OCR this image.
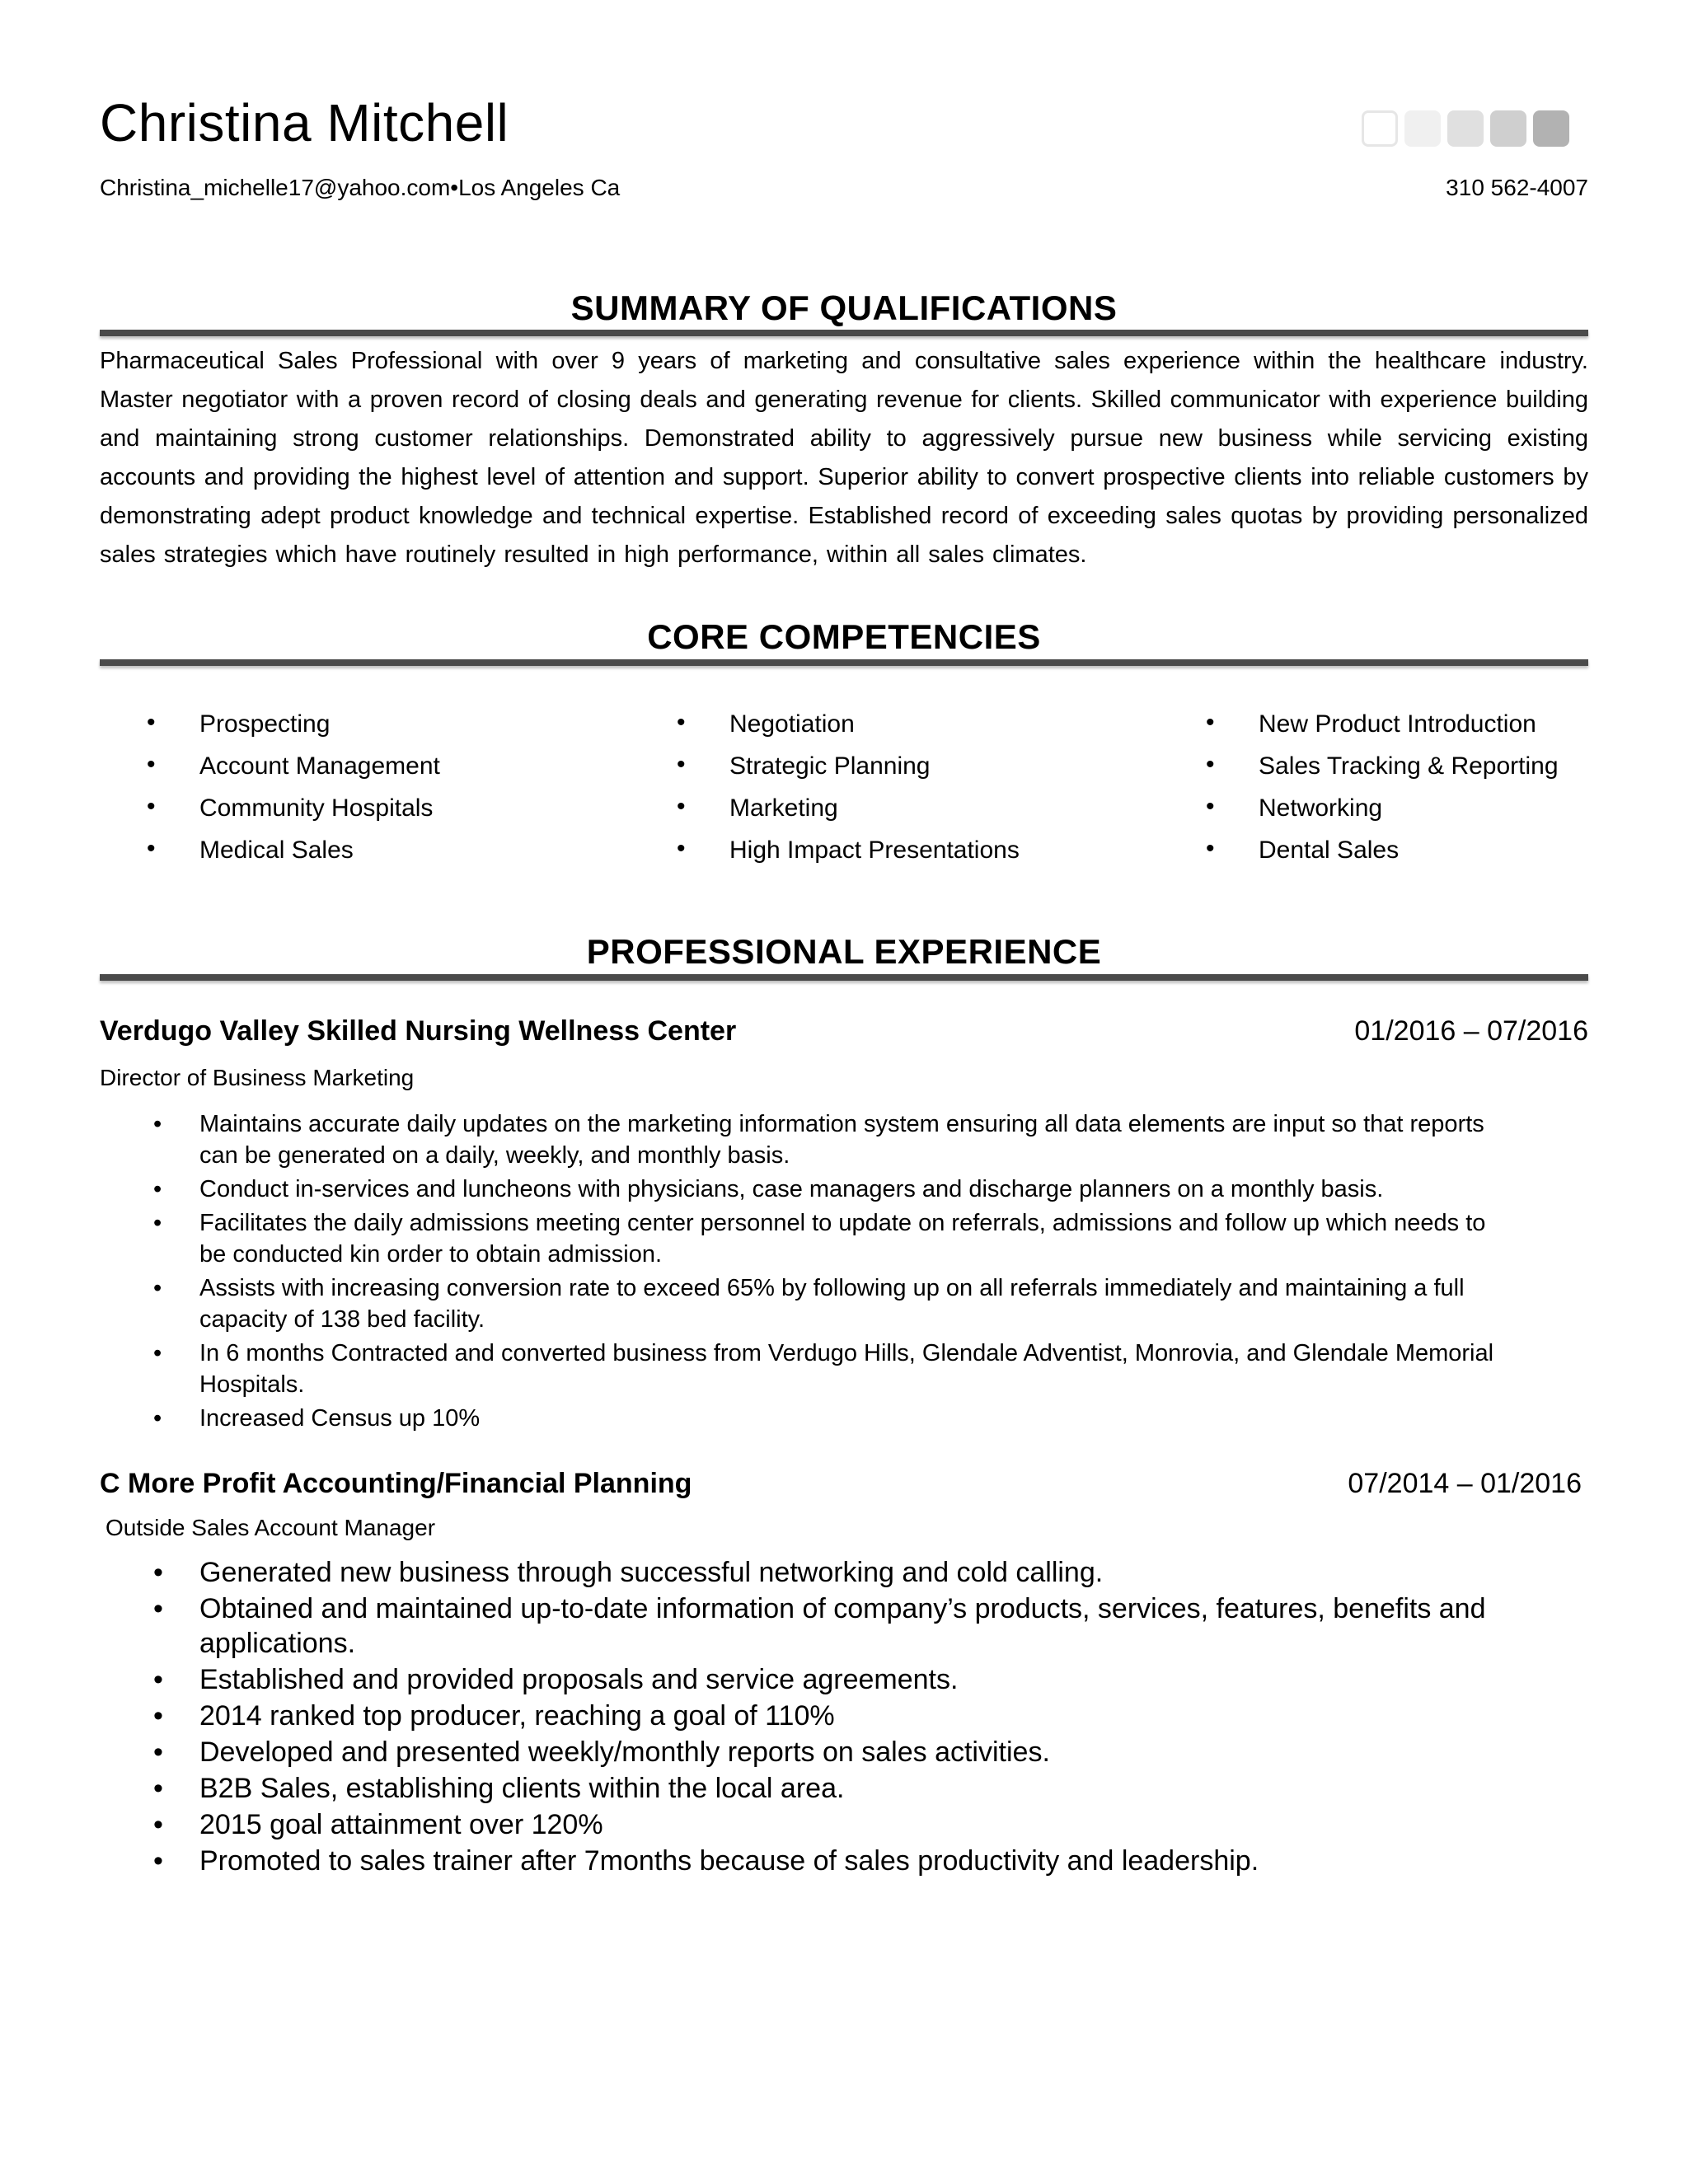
Christina Mitchell
Christina_michelle17@yahoo.com•Los Angeles Ca	310 562-4007
SUMMARY OF QUALIFICATIONS

Pharmaceutical Sales Professional with over 9 years of marketing and consultative sales experience within the healthcare industry. Master negotiator with a proven record of closing deals and generating revenue for clients. Skilled communicator with experience building and maintaining strong customer relationships. Demonstrated ability to aggressively pursue new business while servicing existing accounts and providing the highest level of attention and support. Superior ability to convert prospective clients into reliable customers by demonstrating adept product knowledge and technical expertise. Established record of exceeding sales quotas by providing personalized sales strategies which have routinely resulted in high performance, within all sales climates.

CORE COMPETENCIES
• Prospecting
• Account Management
• Community Hospitals
• Medical Sales
• Negotiation
• Strategic Planning
• Marketing
• High Impact Presentations
• New Product Introduction
• Sales Tracking & Reporting
• Networking
• Dental Sales
PROFESSIONAL EXPERIENCE
Verdugo Valley Skilled Nursing Wellness Center	01/2016 – 07/2016
Director of Business Marketing
• Maintains accurate daily updates on the marketing information system ensuring all data elements are input so that reports can be generated on a daily, weekly, and monthly basis.
• Conduct in-services and luncheons with physicians, case managers and discharge planners on a monthly basis.
• Facilitates the daily admissions meeting center personnel to update on referrals, admissions and follow up which needs to be conducted kin order to obtain admission.
• Assists with increasing conversion rate to exceed 65% by following up on all referrals immediately and maintaining a full capacity of 138 bed facility.
• In 6 months Contracted and converted business from Verdugo Hills, Glendale Adventist, Monrovia, and Glendale Memorial Hospitals.
• Increased Census up 10%
C More Profit Accounting/Financial Planning	07/2014 – 01/2016
Outside Sales Account Manager
• Generated new business through successful networking and cold calling.
• Obtained and maintained up-to-date information of company’s products, services, features, benefits and applications.
• Established and provided proposals and service agreements.
• 2014 ranked top producer, reaching a goal of 110%
• Developed and presented weekly/monthly reports on sales activities.
• B2B Sales, establishing clients within the local area.
• 2015 goal attainment over 120%
• Promoted to sales trainer after 7months because of sales productivity and leadership.
